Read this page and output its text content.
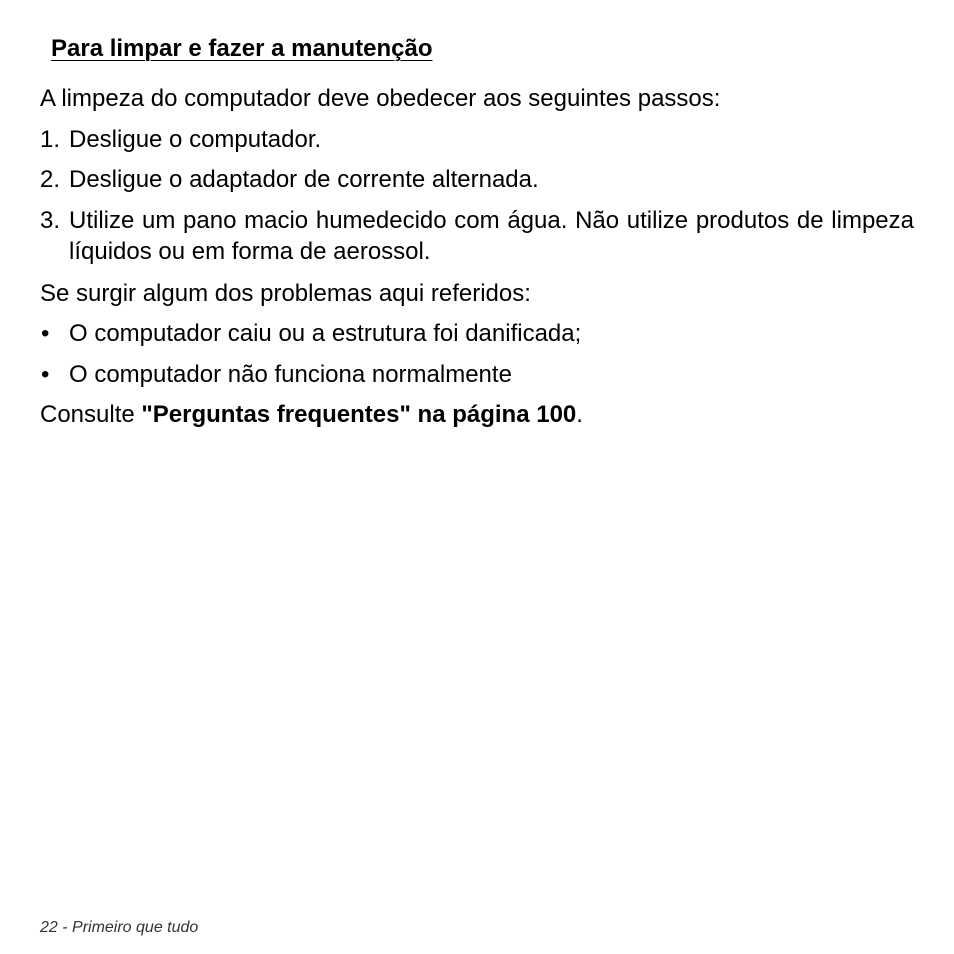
Para limpar e fazer a manutenção

A limpeza do computador deve obedecer aos seguintes passos:

1. Desligue o computador.
2. Desligue o adaptador de corrente alternada.
3. Utilize um pano macio humedecido com água. Não utilize produtos de limpeza líquidos ou em forma de aerossol.

Se surgir algum dos problemas aqui referidos:

• O computador caiu ou a estrutura foi danificada;
• O computador não funciona normalmente

Consulte "Perguntas frequentes" na página 100.

22 - Primeiro que tudo
